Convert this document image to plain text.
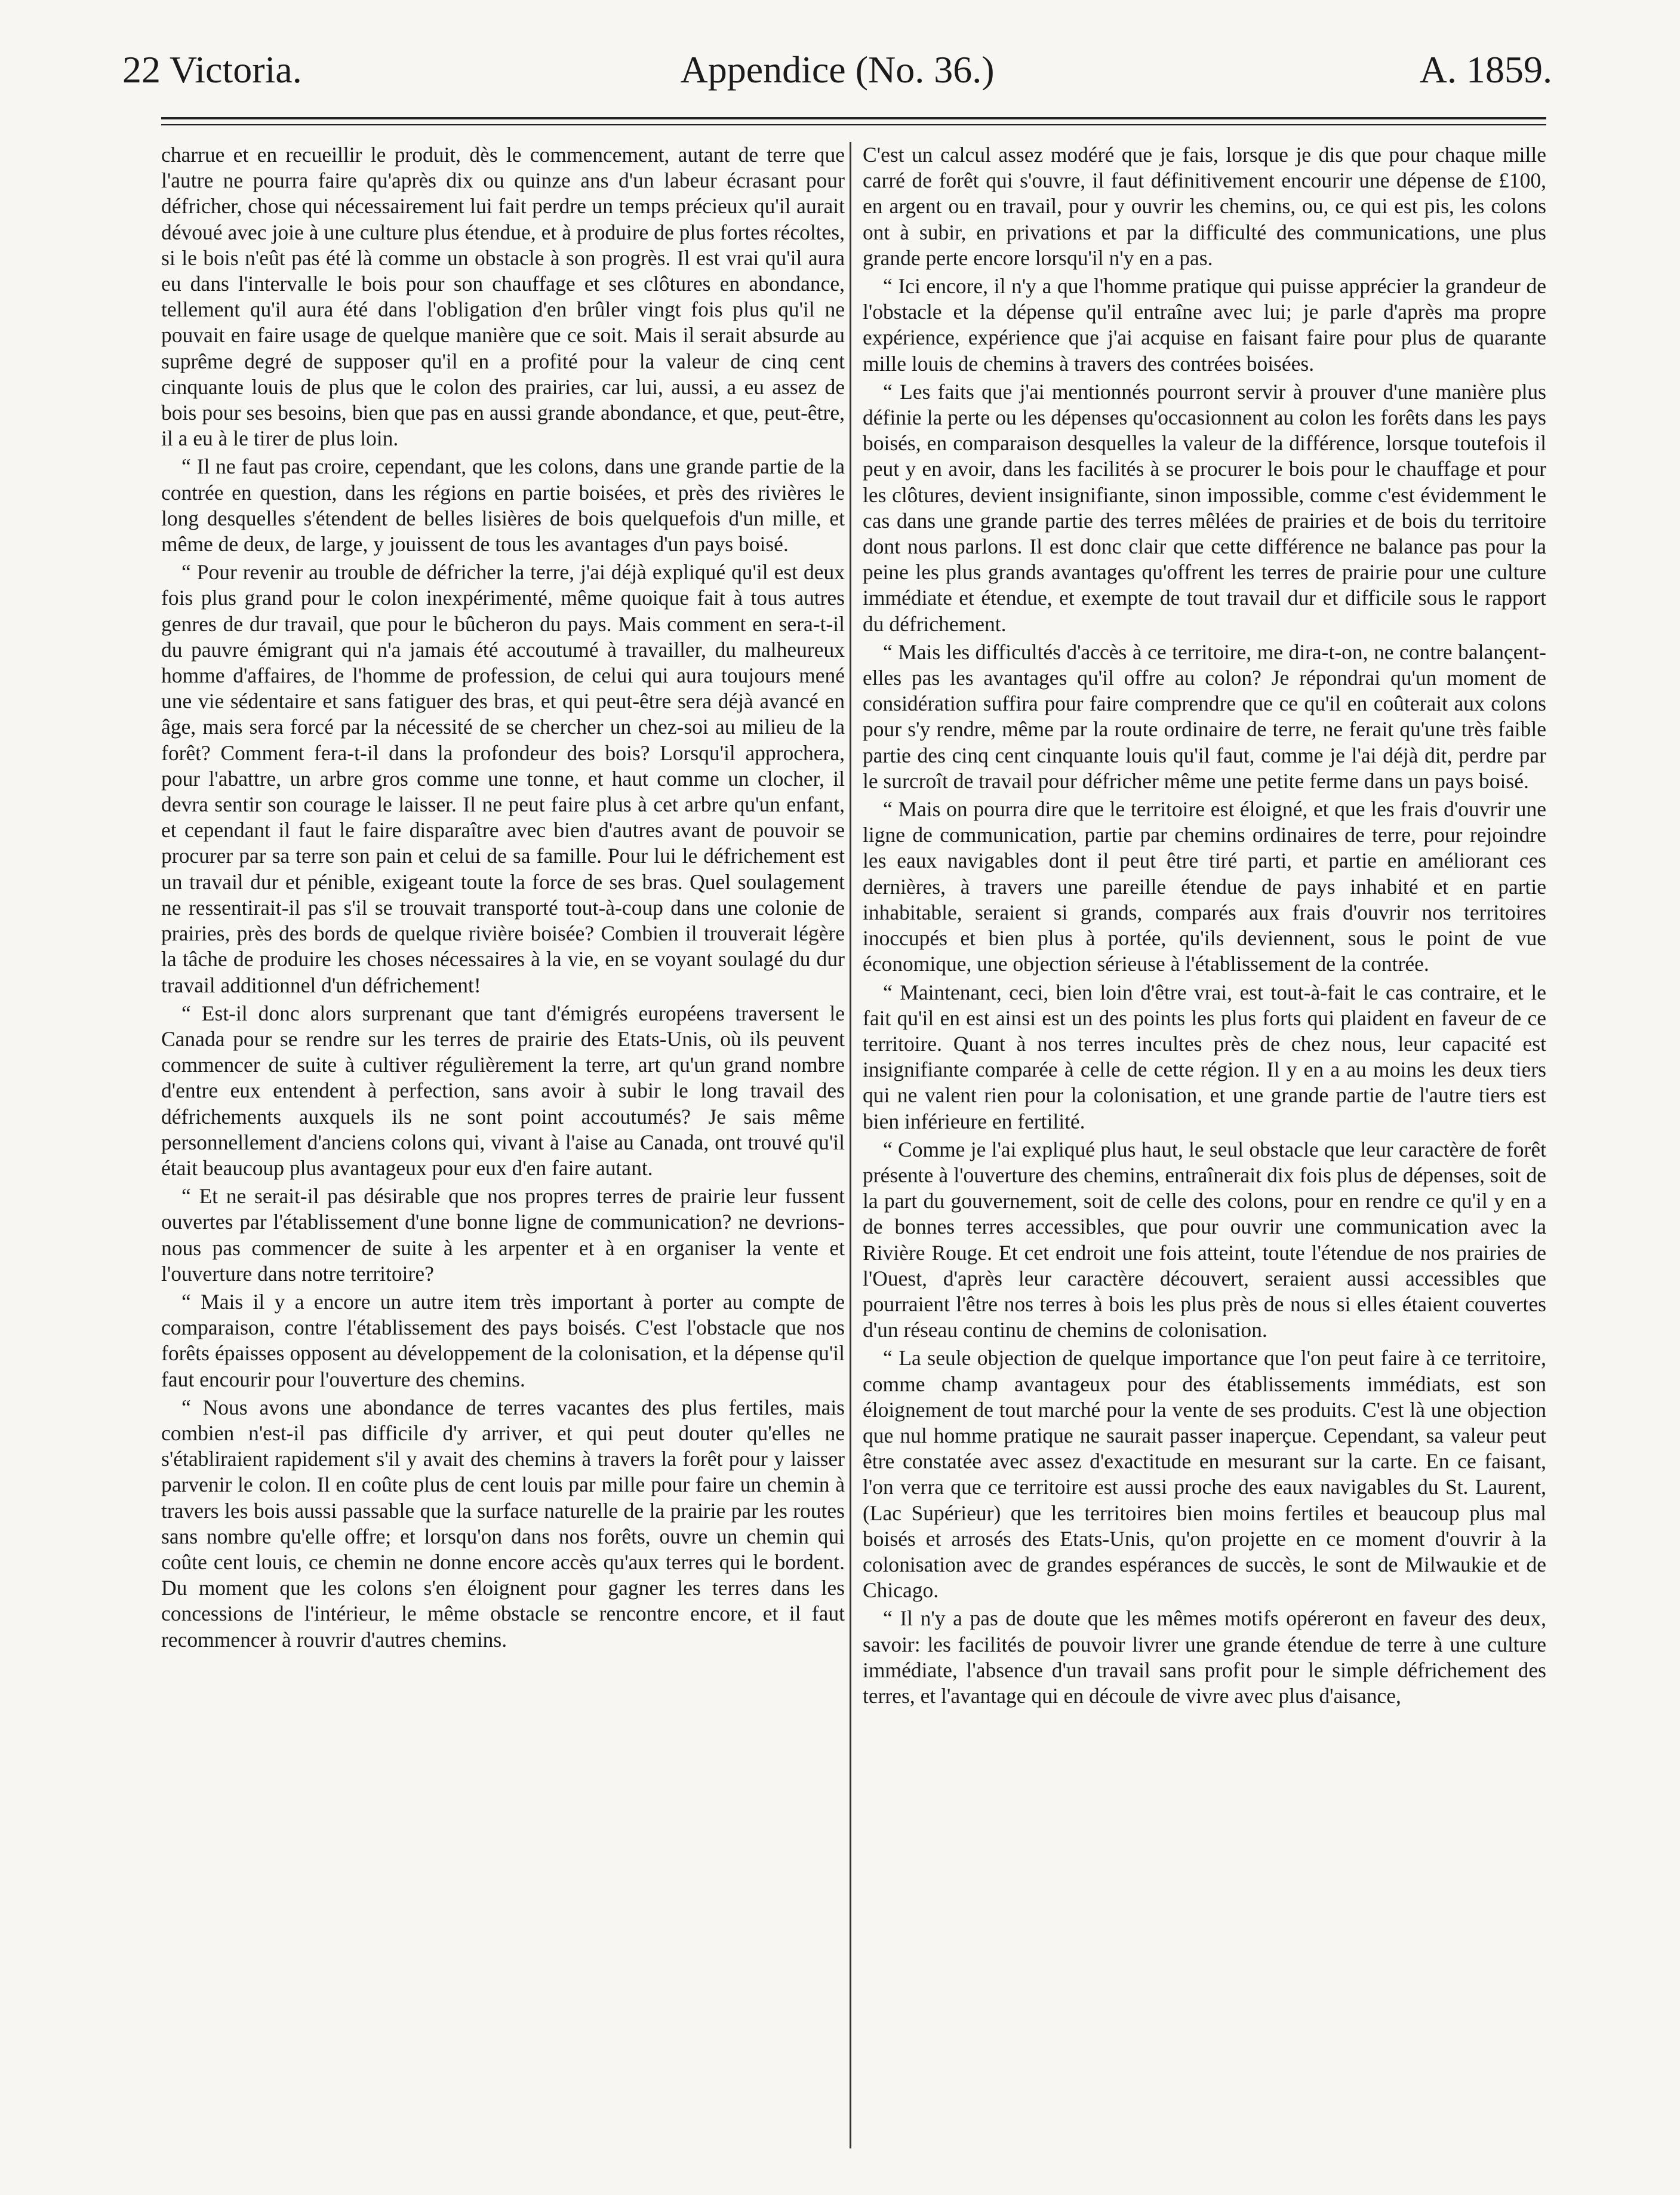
22 Victoria.	Appendice (No. 36.)	A. 1859.

charrue et en recueillir le produit, dès le commencement, autant de terre que l'autre ne pourra faire qu'après dix ou quinze ans d'un labeur écrasant pour défricher, chose qui nécessairement lui fait perdre un temps précieux qu'il aurait dévoué avec joie à une culture plus étendue, et à produire de plus fortes récoltes, si le bois n'eût pas été là comme un obstacle à son progrès. Il est vrai qu'il aura eu dans l'intervalle le bois pour son chauffage et ses clôtures en abondance, tellement qu'il aura été dans l'obligation d'en brûler vingt fois plus qu'il ne pouvait en faire usage de quelque manière que ce soit. Mais il serait absurde au suprême degré de supposer qu'il en a profité pour la valeur de cinq cent cinquante louis de plus que le colon des prairies, car lui, aussi, a eu assez de bois pour ses besoins, bien que pas en aussi grande abondance, et que, peut-être, il a eu à le tirer de plus loin.

“ Il ne faut pas croire, cependant, que les colons, dans une grande partie de la contrée en question, dans les régions en partie boisées, et près des rivières le long desquelles s'étendent de belles lisières de bois quelquefois d'un mille, et même de deux, de large, y jouissent de tous les avantages d'un pays boisé.

“ Pour revenir au trouble de défricher la terre, j'ai déjà expliqué qu'il est deux fois plus grand pour le colon inexpérimenté, même quoique fait à tous autres genres de dur travail, que pour le bûcheron du pays. Mais comment en sera-t-il du pauvre émigrant qui n'a jamais été accoutumé à travailler, du malheureux homme d'affaires, de l'homme de profession, de celui qui aura toujours mené une vie sédentaire et sans fatiguer des bras, et qui peut-être sera déjà avancé en âge, mais sera forcé par la nécessité de se chercher un chez-soi au milieu de la forêt? Comment fera-t-il dans la profondeur des bois? Lorsqu'il approchera, pour l'abattre, un arbre gros comme une tonne, et haut comme un clocher, il devra sentir son courage le laisser. Il ne peut faire plus à cet arbre qu'un enfant, et cependant il faut le faire disparaître avec bien d'autres avant de pouvoir se procurer par sa terre son pain et celui de sa famille. Pour lui le défrichement est un travail dur et pénible, exigeant toute la force de ses bras. Quel soulagement ne ressentirait-il pas s'il se trouvait transporté tout-à-coup dans une colonie de prairies, près des bords de quelque rivière boisée? Combien il trouverait légère la tâche de produire les choses nécessaires à la vie, en se voyant soulagé du dur travail additionnel d'un défrichement!

“ Est-il donc alors surprenant que tant d'émigrés européens traversent le Canada pour se rendre sur les terres de prairie des Etats-Unis, où ils peuvent commencer de suite à cultiver régulièrement la terre, art qu'un grand nombre d'entre eux entendent à perfection, sans avoir à subir le long travail des défrichements auxquels ils ne sont point accoutumés? Je sais même personnellement d'anciens colons qui, vivant à l'aise au Canada, ont trouvé qu'il était beaucoup plus avantageux pour eux d'en faire autant.

“ Et ne serait-il pas désirable que nos propres terres de prairie leur fussent ouvertes par l'établissement d'une bonne ligne de communication? ne devrions-nous pas commencer de suite à les arpenter et à en organiser la vente et l'ouverture dans notre territoire?

“ Mais il y a encore un autre item très important à porter au compte de comparaison, contre l'établissement des pays boisés. C'est l'obstacle que nos forêts épaisses opposent au développement de la colonisation, et la dépense qu'il faut encourir pour l'ouverture des chemins.

“ Nous avons une abondance de terres vacantes des plus fertiles, mais combien n'est-il pas difficile d'y arriver, et qui peut douter qu'elles ne s'établiraient rapidement s'il y avait des chemins à travers la forêt pour y laisser parvenir le colon. Il en coûte plus de cent louis par mille pour faire un chemin à travers les bois aussi passable que la surface naturelle de la prairie par les routes sans nombre qu'elle offre; et lorsqu'on dans nos forêts, ouvre un chemin qui coûte cent louis, ce chemin ne donne encore accès qu'aux terres qui le bordent. Du moment que les colons s'en éloignent pour gagner les terres dans les concessions de l'intérieur, le même obstacle se rencontre encore, et il faut recommencer à rouvrir d'autres chemins.

C'est un calcul assez modéré que je fais, lorsque je dis que pour chaque mille carré de forêt qui s'ouvre, il faut définitivement encourir une dépense de £100, en argent ou en travail, pour y ouvrir les chemins, ou, ce qui est pis, les colons ont à subir, en privations et par la difficulté des communications, une plus grande perte encore lorsqu'il n'y en a pas.

“ Ici encore, il n'y a que l'homme pratique qui puisse apprécier la grandeur de l'obstacle et la dépense qu'il entraîne avec lui; je parle d'après ma propre expérience, expérience que j'ai acquise en faisant faire pour plus de quarante mille louis de chemins à travers des contrées boisées.

“ Les faits que j'ai mentionnés pourront servir à prouver d'une manière plus définie la perte ou les dépenses qu'occasionnent au colon les forêts dans les pays boisés, en comparaison desquelles la valeur de la différence, lorsque toutefois il peut y en avoir, dans les facilités à se procurer le bois pour le chauffage et pour les clôtures, devient insignifiante, sinon impossible, comme c'est évidemment le cas dans une grande partie des terres mêlées de prairies et de bois du territoire dont nous parlons. Il est donc clair que cette différence ne balance pas pour la peine les plus grands avantages qu'offrent les terres de prairie pour une culture immédiate et étendue, et exempte de tout travail dur et difficile sous le rapport du défrichement.

“ Mais les difficultés d'accès à ce territoire, me dira-t-on, ne contre balançent-elles pas les avantages qu'il offre au colon? Je répondrai qu'un moment de considération suffira pour faire comprendre que ce qu'il en coûterait aux colons pour s'y rendre, même par la route ordinaire de terre, ne ferait qu'une très faible partie des cinq cent cinquante louis qu'il faut, comme je l'ai déjà dit, perdre par le surcroît de travail pour défricher même une petite ferme dans un pays boisé.

“ Mais on pourra dire que le territoire est éloigné, et que les frais d'ouvrir une ligne de communication, partie par chemins ordinaires de terre, pour rejoindre les eaux navigables dont il peut être tiré parti, et partie en améliorant ces dernières, à travers une pareille étendue de pays inhabité et en partie inhabitable, seraient si grands, comparés aux frais d'ouvrir nos territoires inoccupés et bien plus à portée, qu'ils deviennent, sous le point de vue économique, une objection sérieuse à l'établissement de la contrée.

“ Maintenant, ceci, bien loin d'être vrai, est tout-à-fait le cas contraire, et le fait qu'il en est ainsi est un des points les plus forts qui plaident en faveur de ce territoire. Quant à nos terres incultes près de chez nous, leur capacité est insignifiante comparée à celle de cette région. Il y en a au moins les deux tiers qui ne valent rien pour la colonisation, et une grande partie de l'autre tiers est bien inférieure en fertilité.

“ Comme je l'ai expliqué plus haut, le seul obstacle que leur caractère de forêt présente à l'ouverture des chemins, entraînerait dix fois plus de dépenses, soit de la part du gouvernement, soit de celle des colons, pour en rendre ce qu'il y en a de bonnes terres accessibles, que pour ouvrir une communication avec la Rivière Rouge. Et cet endroit une fois atteint, toute l'étendue de nos prairies de l'Ouest, d'après leur caractère découvert, seraient aussi accessibles que pourraient l'être nos terres à bois les plus près de nous si elles étaient couvertes d'un réseau continu de chemins de colonisation.

“ La seule objection de quelque importance que l'on peut faire à ce territoire, comme champ avantageux pour des établissements immédiats, est son éloignement de tout marché pour la vente de ses produits. C'est là une objection que nul homme pratique ne saurait passer inaperçue. Cependant, sa valeur peut être constatée avec assez d'exactitude en mesurant sur la carte. En ce faisant, l'on verra que ce territoire est aussi proche des eaux navigables du St. Laurent, (Lac Supérieur) que les territoires bien moins fertiles et beaucoup plus mal boisés et arrosés des Etats-Unis, qu'on projette en ce moment d'ouvrir à la colonisation avec de grandes espérances de succès, le sont de Milwaukie et de Chicago.

“ Il n'y a pas de doute que les mêmes motifs opéreront en faveur des deux, savoir: les facilités de pouvoir livrer une grande étendue de terre à une culture immédiate, l'absence d'un travail sans profit pour le simple défrichement des terres, et l'avantage qui en découle de vivre avec plus d'aisance,
